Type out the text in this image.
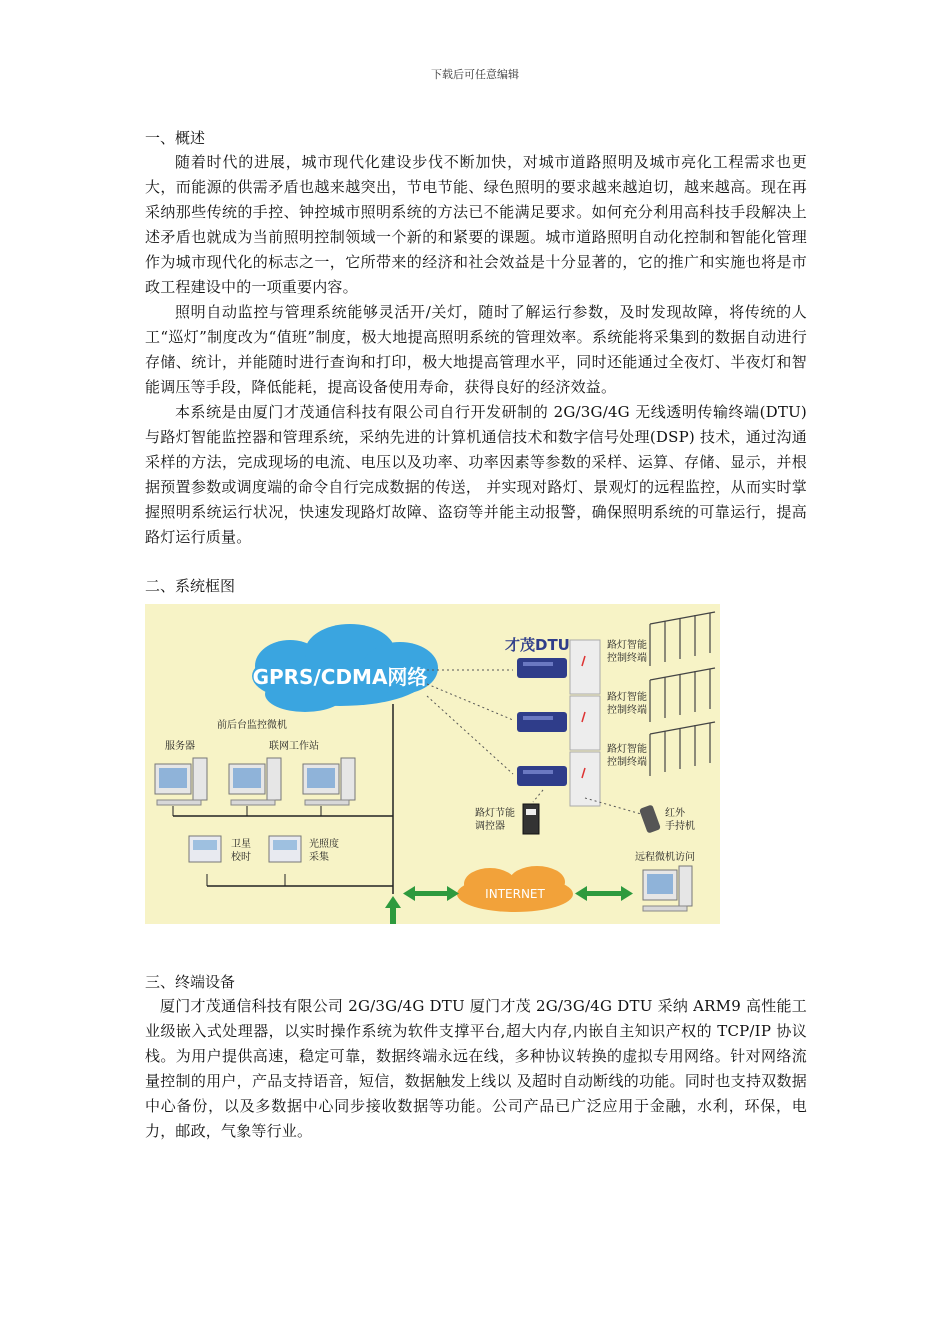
下载后可任意编辑

一、概述

随着时代的进展，城市现代化建设步伐不断加快，对城市道路照明及城市亮化工程需求也更大，而能源的供需矛盾也越来越突出，节电节能、绿色照明的要求越来越迫切，越来越高。现在再采纳那些传统的手控、钟控城市照明系统的方法已不能满足要求。如何充分利用高科技手段解决上述矛盾也就成为当前照明控制领域一个新的和紧要的课题。城市道路照明自动化控制和智能化管理作为城市现代化的标志之一，它所带来的经济和社会效益是十分显著的，它的推广和实施也将是市政工程建设中的一项重要内容。

照明自动监控与管理系统能够灵活开/关灯，随时了解运行参数，及时发现故障，将传统的人工“巡灯”制度改为“值班”制度，极大地提高照明系统的管理效率。系统能将采集到的数据自动进行存储、统计，并能随时进行查询和打印，极大地提高管理水平，同时还能通过全夜灯、半夜灯和智能调压等手段，降低能耗，提高设备使用寿命，获得良好的经济效益。

本系统是由厦门才茂通信科技有限公司自行开发研制的 2G/3G/4G 无线透明传输终端(DTU)与路灯智能监控器和管理系统，采纳先进的计算机通信技术和数字信号处理(DSP) 技术，通过沟通采样的方法，完成现场的电流、电压以及功率、功率因素等参数的采样、运算、存储、显示，并根据预置参数或调度端的命令自行完成数据的传送， 并实现对路灯、景观灯的远程监控，从而实时掌握照明系统运行状况，快速发现路灯故障、盗窃等并能主动报警，确保照明系统的可靠运行，提高路灯运行质量。

二、系统框图

GPRS/CDMA网络
才茂DTU	路灯智能
控制终端
路灯智能
控制终端
路灯智能
控制终端
前后台监控微机
服务器	联网工作站
卫星
校时
光照度
采集
路灯节能
调控器
红外
手持机
INTERNET
远程微机访问

三、终端设备

厦门才茂通信科技有限公司 2G/3G/4G DTU 厦门才茂 2G/3G/4G DTU 采纳 ARM9 高性能工业级嵌入式处理器，以实时操作系统为软件支撑平台,超大内存,内嵌自主知识产权的 TCP/IP 协议栈。为用户提供高速，稳定可靠，数据终端永远在线，多种协议转换的虚拟专用网络。针对网络流量控制的用户，产品支持语音，短信，数据触发上线以 及超时自动断线的功能。同时也支持双数据中心备份，以及多数据中心同步接收数据等功能。公司产品已广泛应用于金融，水利，环保，电力，邮政，气象等行业。
